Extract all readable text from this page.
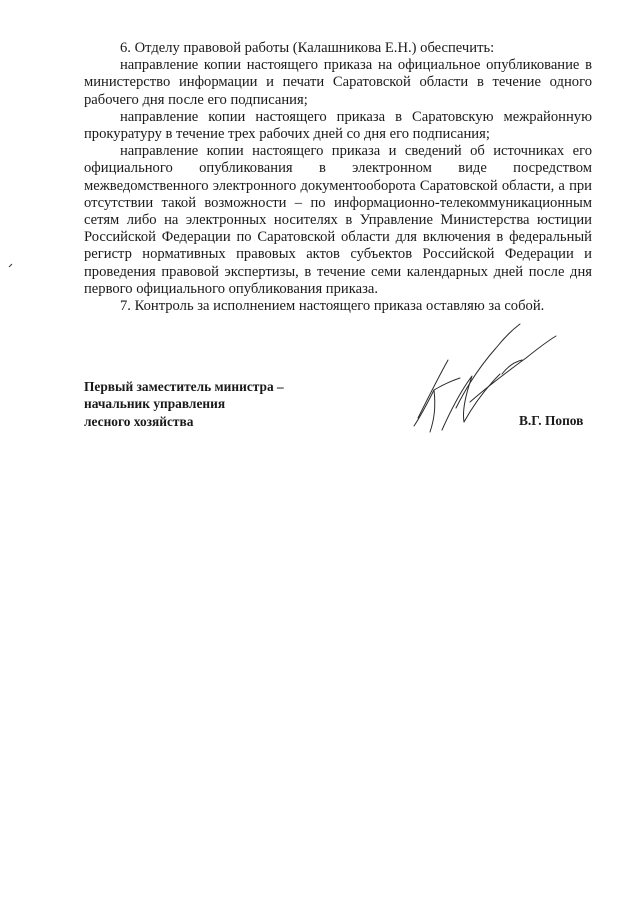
6. Отделу правовой работы (Калашникова Е.Н.) обеспечить:

направление копии настоящего приказа на официальное опубликование в министерство информации и печати Саратовской области в течение одного рабочего дня после его подписания;

направление копии настоящего приказа в Саратовскую межрайонную прокуратуру в течение трех рабочих дней со дня его подписания;

направление копии настоящего приказа и сведений об источниках его официального опубликования в электронном виде посредством межведомственного электронного документооборота Саратовской области, а при отсутствии такой возможности – по информационно-телекоммуникационным сетям либо на электронных носителях в Управление Министерства юстиции Российской Федерации по Саратовской области для включения в федеральный регистр нормативных правовых актов субъектов Российской Федерации и проведения правовой экспертизы, в течение семи календарных дней после дня первого официального опубликования приказа.

7. Контроль за исполнением настоящего приказа оставляю за собой.

Первый заместитель министра –
начальник управления
лесного хозяйства	В.Г. Попов
